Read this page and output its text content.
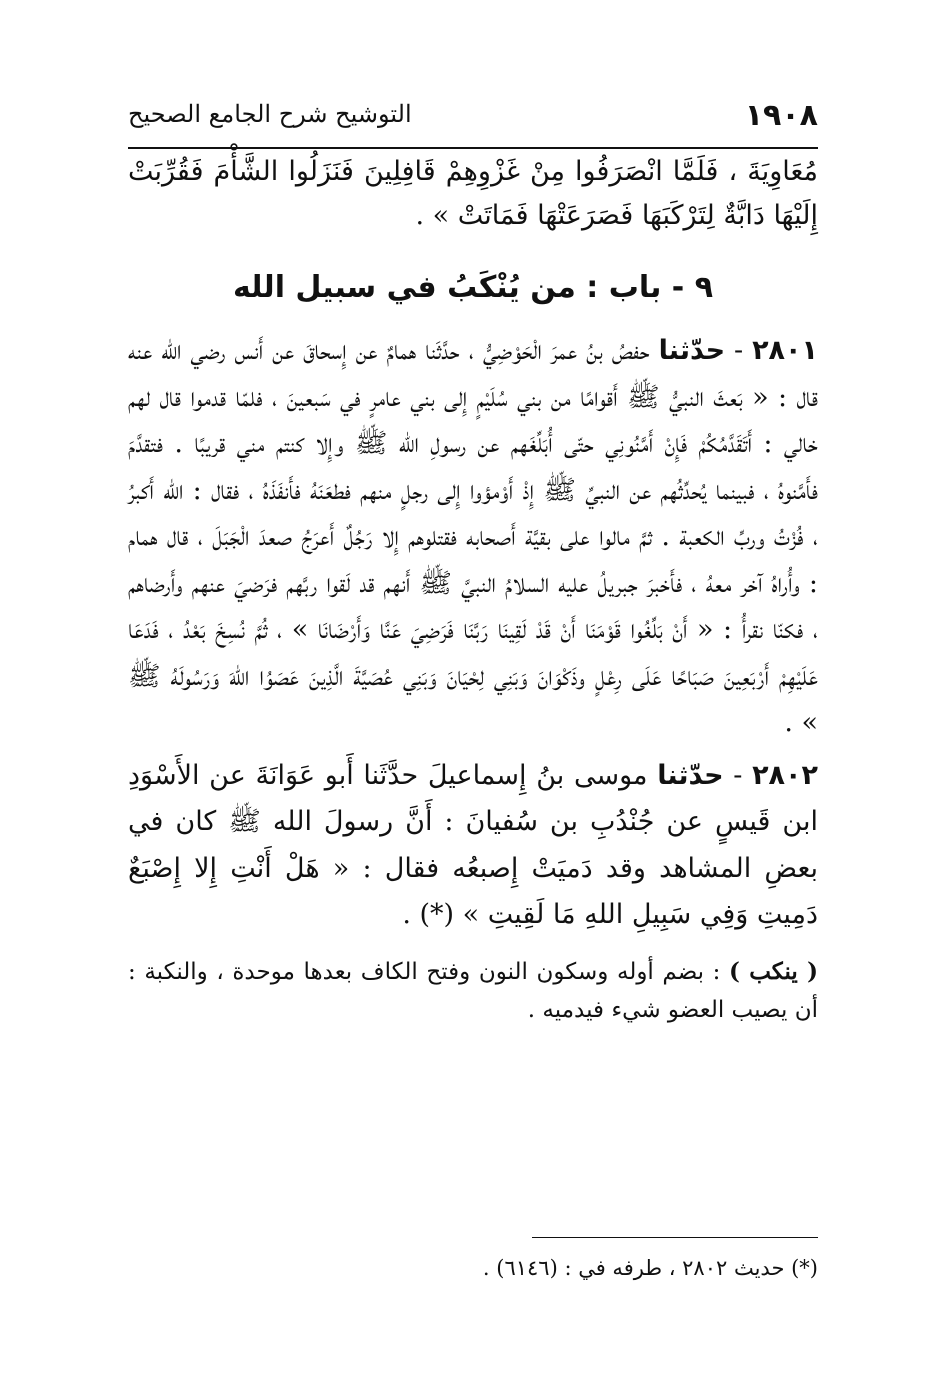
١٩٠٨
التوشيح شرح الجامع الصحيح

مُعَاوِيَةَ ، فَلَمَّا انْصَرَفُوا مِنْ غَزْوِهِمْ قَافِلِينَ فَنَزَلُوا الشَّأْمَ فَقُرِّبَتْ إِلَيْهَا دَابَّةٌ لِتَرْكَبَهَا فَصَرَعَتْهَا فَمَاتَتْ » .

٩ - باب : من يُنْكَبُ في سبيل الله

٢٨٠١ - حدّثنا حفصُ بنُ عمرَ الْحَوْضِيُّ ، حدَّثَنا همامٌ عن إِسحاقَ عن أَنس رضي الله عنه قال : « بَعثَ النبيُّ ﷺ أَقوامًا من بني سُلَيْمٍ إِلى بني عامرٍ في سَبعينَ ، فلمّا قدموا قال لهم خالي : أَتَقَدَّمُكُمْ فَإِنْ أَمَّنُونِي حتّى أُبَلِّغَهم عن رسولِ الله ﷺ وإِلا كنتم مني قريبًا . فتقدَّمَ فأَمَّنوهُ ، فبينما يُحدِّثُهم عن النبيِّ ﷺ إِذْ أَوْمؤوا إِلى رجلٍ منهم فطعَنَهُ فأَنفَذَهُ ، فقال : الله أَكبرُ ، فُزْتُ وربِّ الكعبة . ثمَّ مالوا على بقيَّة أَصحابه فقتلوهم إِلا رَجُلٌ أَعرَجُ صعدَ الْجَبَلَ ، قال همام : وأُراهُ آخر معهُ ، فأَخبرَ جبريلُ عليه السلامُ النبيَّ ﷺ أَنهم قد لَقوا ربَّهم فرَضيَ عنهم وأَرضاهم ، فكنّا نقرأُ : « أَنْ بَلِّغُوا قَوْمَنَا أَنْ قَدْ لَقِينَا رَبَّنَا فَرَضِيَ عَنَّا وَأَرْضَانَا » ، ثُمَّ نُسِخَ بَعْدُ ، فَدَعَا عَلَيْهِمْ أَرْبَعِينَ صَبَاحًا عَلَى رِعْلٍ وذَكْوَانَ وَبَنِي لِحْيَانَ وَبَنِي عُصَيَّةَ الَّذِينَ عَصَوُا اللهَ وَرَسُولَهُ ﷺ » .

٢٨٠٢ - حدّثنا موسى بنُ إِسماعيلَ حدَّثَنا أَبو عَوَانَةَ عن الأَسْوَدِ ابن قَيسٍ عن جُنْدُبِ بن سُفيانَ : أَنَّ رسولَ الله ﷺ كان في بعضِ المشاهد وقد دَميَتْ إِصبعُه فقال : « هَلْ أَنْتِ إِلا إِصْبَعٌ دَمِيتِ وَفِي سَبِيلِ اللهِ مَا لَقِيتِ » (*) .

( ينكب ) : بضم أوله وسكون النون وفتح الكاف بعدها موحدة ، والنكبة : أن يصيب العضو شيء فيدميه .

(*) حديث ٢٨٠٢ ، طرفه في : (٦١٤٦) .
